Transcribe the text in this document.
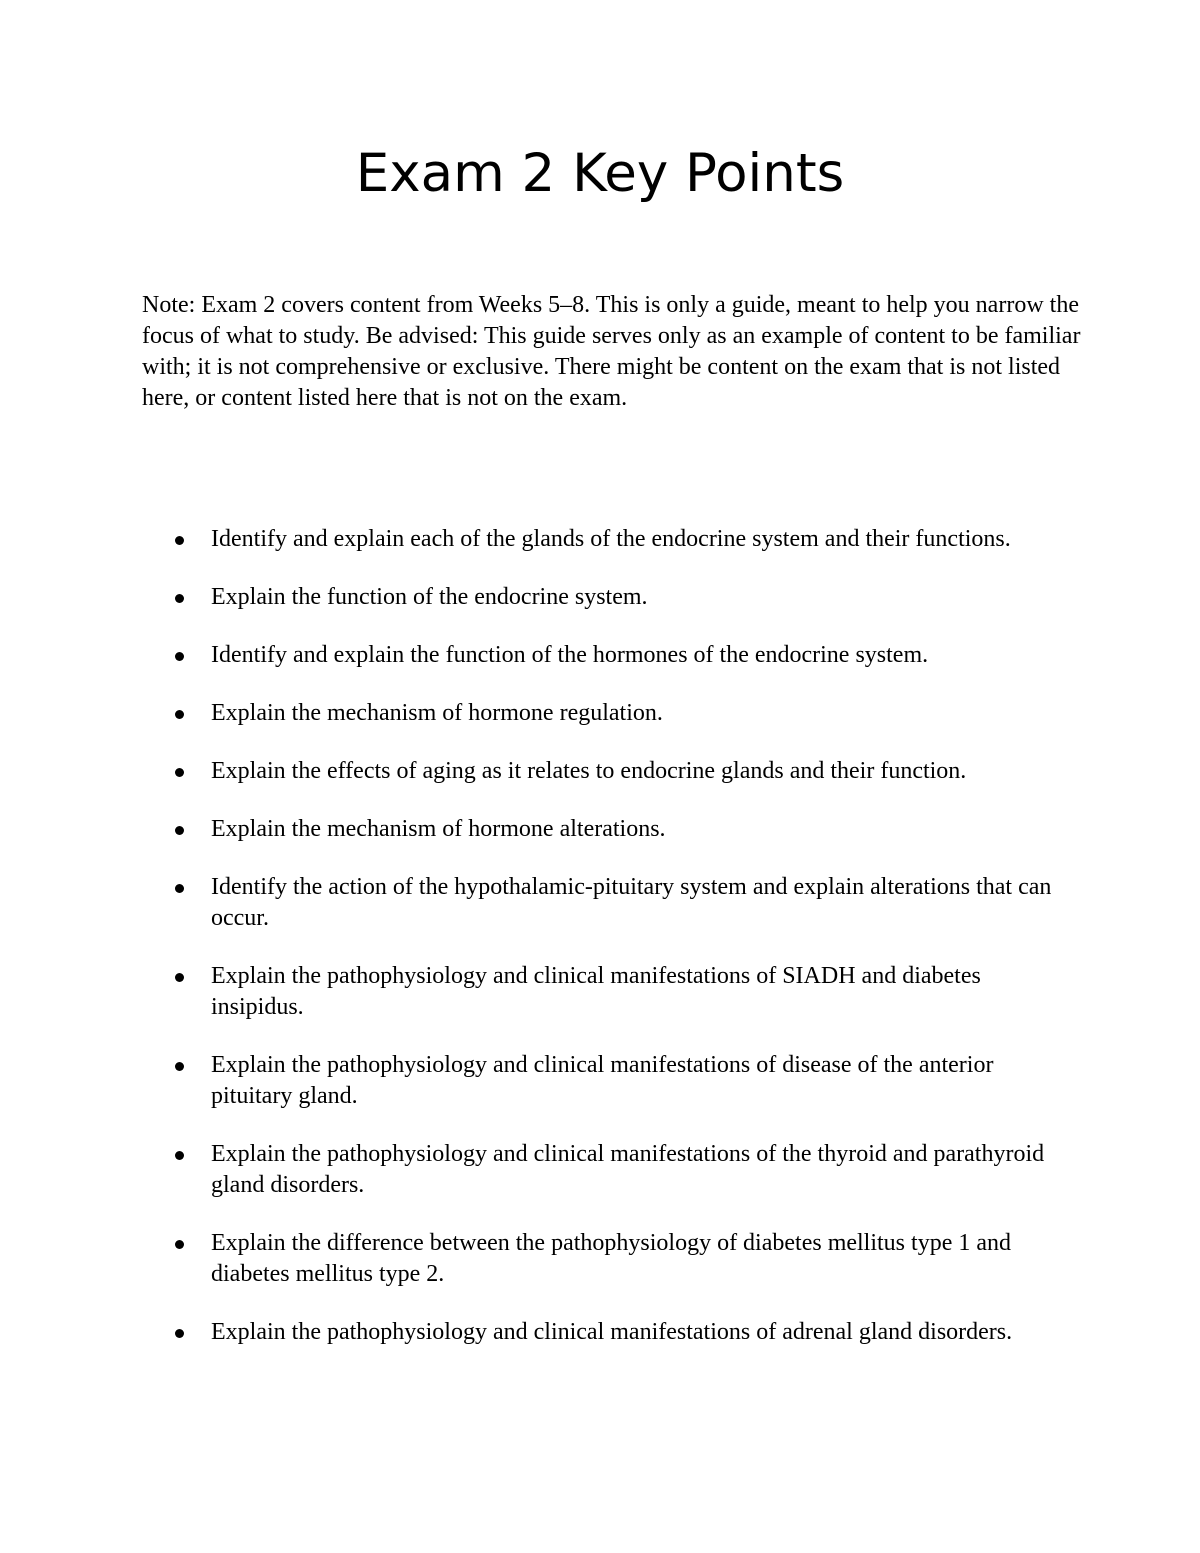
Exam 2 Key Points

Note: Exam 2 covers content from Weeks 5–8. This is only a guide, meant to help you narrow the focus of what to study. Be advised: This guide serves only as an example of content to be familiar with; it is not comprehensive or exclusive. There might be content on the exam that is not listed here, or content listed here that is not on the exam.

Identify and explain each of the glands of the endocrine system and their functions.
Explain the function of the endocrine system.
Identify and explain the function of the hormones of the endocrine system.
Explain the mechanism of hormone regulation.
Explain the effects of aging as it relates to endocrine glands and their function.
Explain the mechanism of hormone alterations.
Identify the action of the hypothalamic-pituitary system and explain alterations that can occur.
Explain the pathophysiology and clinical manifestations of SIADH and diabetes insipidus.
Explain the pathophysiology and clinical manifestations of disease of the anterior pituitary gland.
Explain the pathophysiology and clinical manifestations of the thyroid and parathyroid gland disorders.
Explain the difference between the pathophysiology of diabetes mellitus type 1 and diabetes mellitus type 2.
Explain the pathophysiology and clinical manifestations of adrenal gland disorders.
